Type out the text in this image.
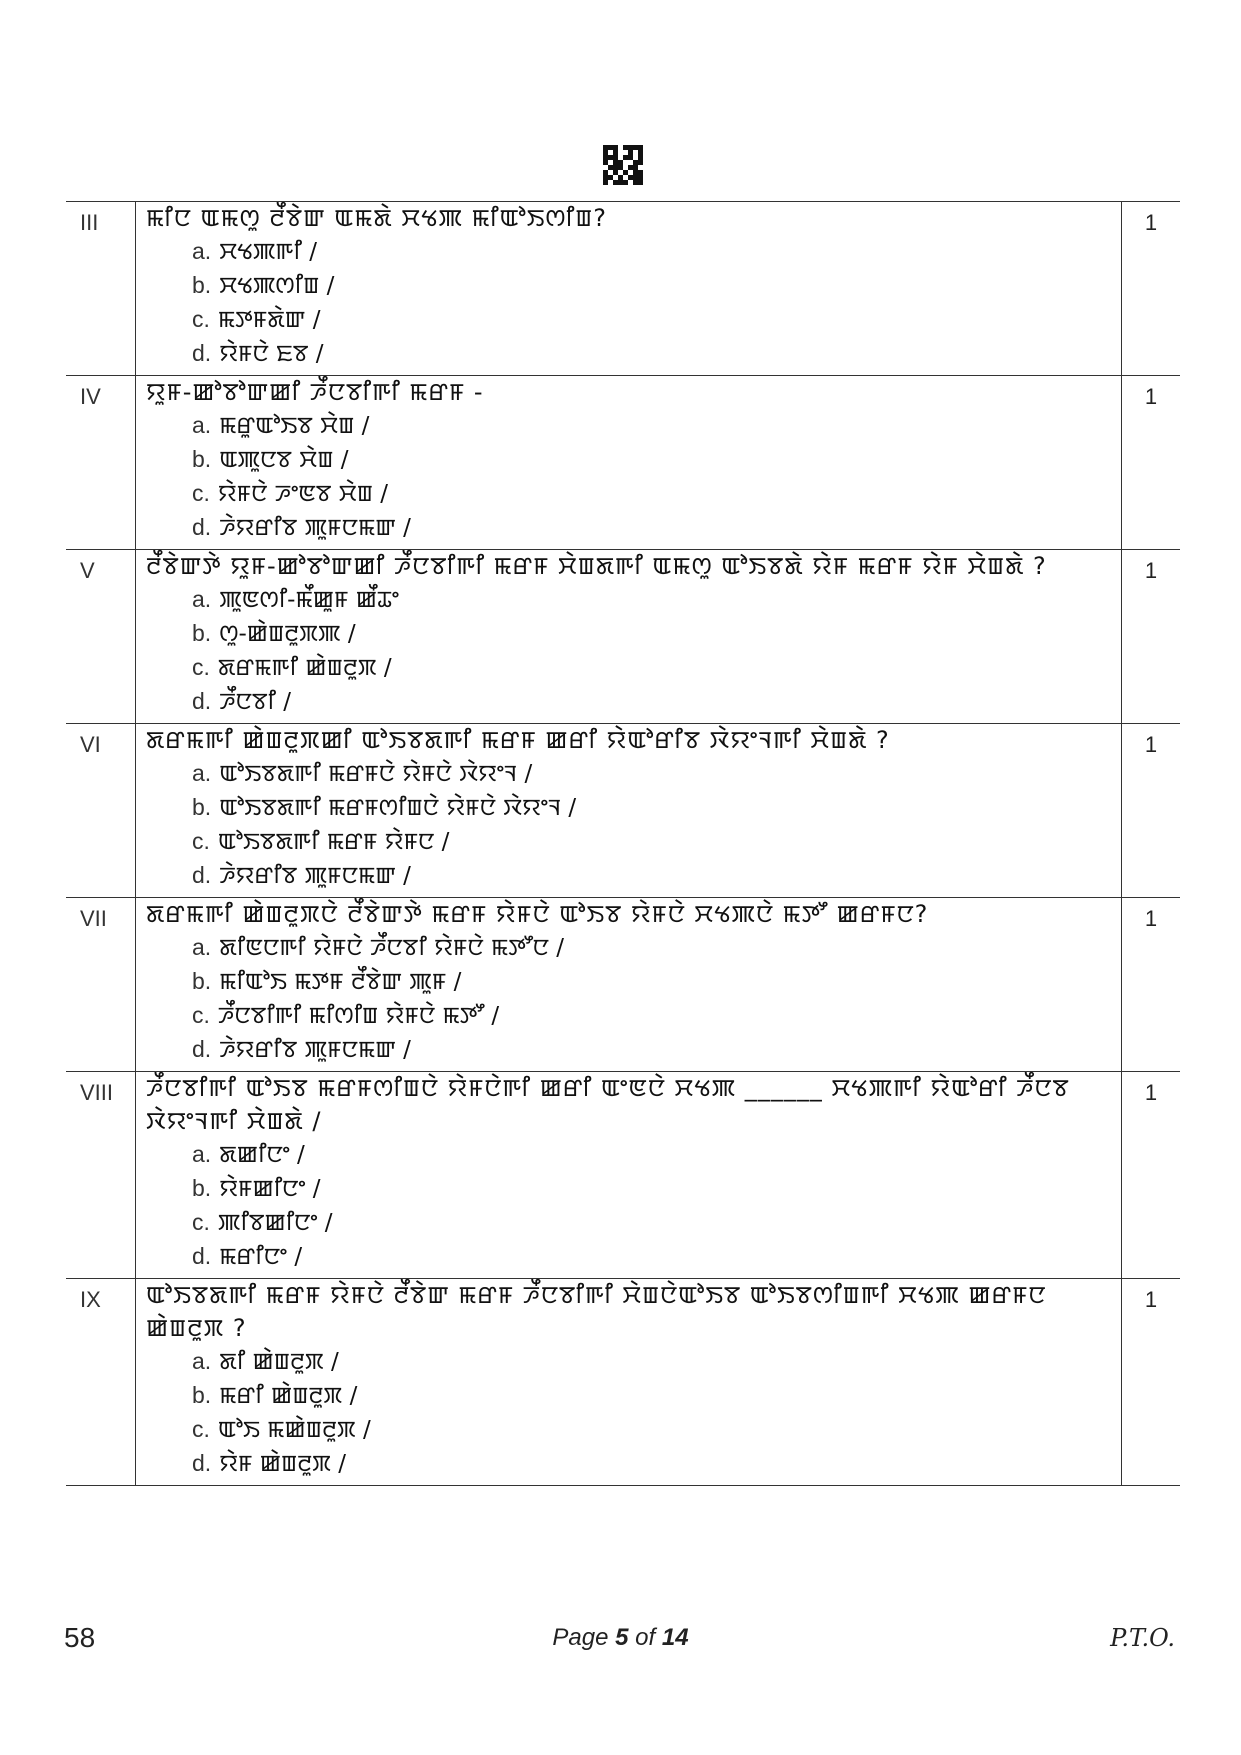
III	ꯃꯤꯅ ꯑꯃꯁꯨ ꯂꯩꯕꯥꯛ ꯑꯃꯗꯥ ꯆꯠꯄ ꯃꯤꯑꯣꯏꯁꯤꯡ?
a. ꯆꯠꯄꯒꯤ /
b. ꯆꯠꯄꯁꯤꯡ /
c. ꯃꯇꯝꯗꯥꯛ /
d. ꯌꯥꯝꯅꯥ ꯐꯕ /	1
IV	ꯌꯨꯝ-ꯀꯣꯕꯣꯛꯀꯤ ꯍꯩꯅꯕꯤꯒꯤ ꯃꯔꯝ -
a. ꯃꯔꯨꯑꯣꯏꯕ ꯆꯥꯡ /
b. ꯑꯄꯨꯅꯕ ꯆꯥꯡ /
c. ꯌꯥꯝꯅꯥ ꯍꯦꯟꯕ ꯆꯥꯡ /
d. ꯍꯥꯌꯔꯤꯕ ꯄꯨꯝꯅꯃꯛ /	1
V	ꯂꯩꯕꯥꯛꯇꯥ ꯌꯨꯝ-ꯀꯣꯕꯣꯛꯀꯤ ꯍꯩꯅꯕꯤꯒꯤ ꯃꯔꯝ ꯆꯥꯡꯗꯒꯤ ꯑꯃꯁꯨ ꯑꯣꯏꯕꯗꯥ ꯌꯥꯝ ꯃꯔꯝ ꯌꯥꯝ ꯆꯥꯡꯗꯥ ?
a. ꯄꯨꯟꯁꯤ-ꯃꯩꯀꯨꯝ ꯀꯩꯊꯦ
b. ꯁꯨ-ꯀꯥꯡꯂꯨꯞꯄ /
c. ꯗꯔꯃꯒꯤ ꯀꯥꯡꯂꯨꯞ /
d. ꯍꯩꯅꯕꯤ /	1
VI	ꯗꯔꯃꯒꯤ ꯀꯥꯡꯂꯨꯞꯀꯤ ꯑꯣꯏꯕꯗꯒꯤ ꯃꯔꯝ ꯀꯔꯤ ꯌꯥꯑꯣꯔꯤꯕ ꯋꯥꯌꯦꯜꯒꯤ ꯆꯥꯡꯗꯥ ?
a. ꯑꯣꯏꯕꯗꯒꯤ ꯃꯔꯝꯅꯥ ꯌꯥꯝꯅꯥ ꯋꯥꯌꯦꯜ /
b. ꯑꯣꯏꯕꯗꯒꯤ ꯃꯔꯝꯁꯤꯡꯅꯥ ꯌꯥꯝꯅꯥ ꯋꯥꯌꯦꯜ /
c. ꯑꯣꯏꯕꯗꯒꯤ ꯃꯔꯝ ꯌꯥꯝꯅ /
d. ꯍꯥꯌꯔꯤꯕ ꯄꯨꯝꯅꯃꯛ /	1
VII	ꯗꯔꯃꯒꯤ ꯀꯥꯡꯂꯨꯞꯅꯥ ꯂꯩꯕꯥꯛꯇꯥ ꯃꯔꯝ ꯌꯥꯝꯅꯥ ꯑꯣꯏꯕ ꯌꯥꯝꯅꯥ ꯆꯠꯄꯅꯥ ꯃꯇꯧ ꯀꯔꯝꯅ?
a. ꯗꯤꯟꯅꯒꯤ ꯌꯥꯝꯅꯥ ꯍꯩꯅꯕꯤ ꯌꯥꯝꯅꯥ ꯃꯇꯧꯅ /
b. ꯃꯤꯑꯣꯏ ꯃꯇꯝ ꯂꯩꯕꯥꯛ ꯄꯨꯝ /
c. ꯍꯩꯅꯕꯤꯒꯤ ꯃꯤꯁꯤꯡ ꯌꯥꯝꯅꯥ ꯃꯇꯧ /
d. ꯍꯥꯌꯔꯤꯕ ꯄꯨꯝꯅꯃꯛ /	1
VIII	ꯍꯩꯅꯕꯤꯒꯤ ꯑꯣꯏꯕ ꯃꯔꯝꯁꯤꯡꯅꯥ ꯌꯥꯝꯅꯥꯒꯤ ꯀꯔꯤ ꯑꯦꯟꯅꯥ ꯆꯠꯄ ______ ꯆꯠꯄꯒꯤ ꯌꯥꯑꯣꯔꯤ ꯍꯩꯅꯕ ꯋꯥꯌꯦꯜꯒꯤ ꯆꯥꯡꯗꯥ /
a. ꯗꯀꯤꯅꯦ /
b. ꯌꯥꯝꯀꯤꯅꯦ /
c. ꯄꯤꯕꯀꯤꯅꯦ /
d. ꯃꯔꯤꯅꯦ /	1
IX	ꯑꯣꯏꯕꯗꯒꯤ ꯃꯔꯝ ꯌꯥꯝꯅꯥ ꯂꯩꯕꯥꯛ ꯃꯔꯝ ꯍꯩꯅꯕꯤꯒꯤ ꯆꯥꯡꯅꯥꯑꯣꯏꯕ ꯑꯣꯏꯕꯁꯤꯡꯒꯤ ꯆꯠꯄ ꯀꯔꯝꯅ ꯀꯥꯡꯂꯨꯞ ?
a. ꯗꯤ ꯀꯥꯡꯂꯨꯞ /
b. ꯃꯔꯤ ꯀꯥꯡꯂꯨꯞ /
c. ꯑꯣꯏ ꯃꯀꯥꯡꯂꯨꯞ /
d. ꯌꯥꯝ ꯀꯥꯡꯂꯨꯞ /	1
58	Page 5 of 14	P.T.O.
